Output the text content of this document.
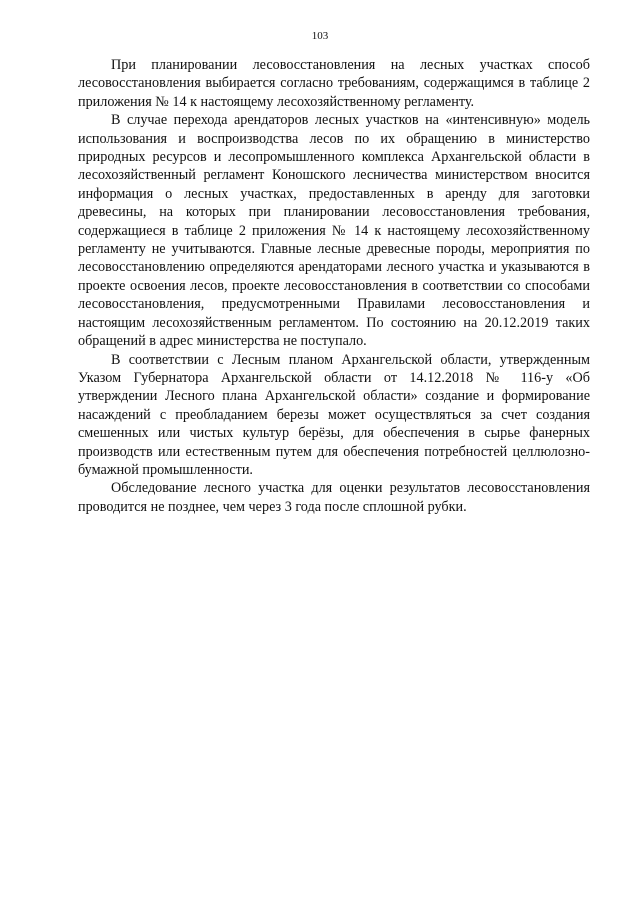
103

При планировании лесовосстановления на лесных участках способ лесовосстановления выбирается согласно требованиям, содержащимся в таблице 2 приложения № 14 к настоящему лесохозяйственному регламенту.

В случае перехода арендаторов лесных участков на «интенсивную» модель использования и воспроизводства лесов по их обращению в министерство природных ресурсов и лесопромышленного комплекса Архангельской области в лесохозяйственный регламент Коношского лесничества министерством вносится информация о лесных участках, предоставленных в аренду для заготовки древесины, на которых при планировании лесовосстановления требования, содержащиеся в таблице 2 приложения № 14 к настоящему лесохозяйственному регламенту не учитываются. Главные лесные древесные породы, мероприятия по лесовосстановлению определяются арендаторами лесного участка и указываются в проекте освоения лесов, проекте лесовосстановления в соответствии со способами лесовосстановления, предусмотренными Правилами лесовосстановления и настоящим лесохозяйственным регламентом. По состоянию на 20.12.2019 таких обращений в адрес министерства не поступало.

В соответствии с Лесным планом Архангельской области, утвержденным Указом Губернатора Архангельской области от 14.12.2018 № 116-у «Об утверждении Лесного плана Архангельской области» создание и формирование насаждений с преобладанием березы может осуществляться за счет создания смешенных или чистых культур берёзы, для обеспечения в сырье фанерных производств или естественным путем для обеспечения потребностей целлюлозно-бумажной промышленности.

Обследование лесного участка для оценки результатов лесовосстановления проводится не позднее, чем через 3 года после сплошной рубки.
